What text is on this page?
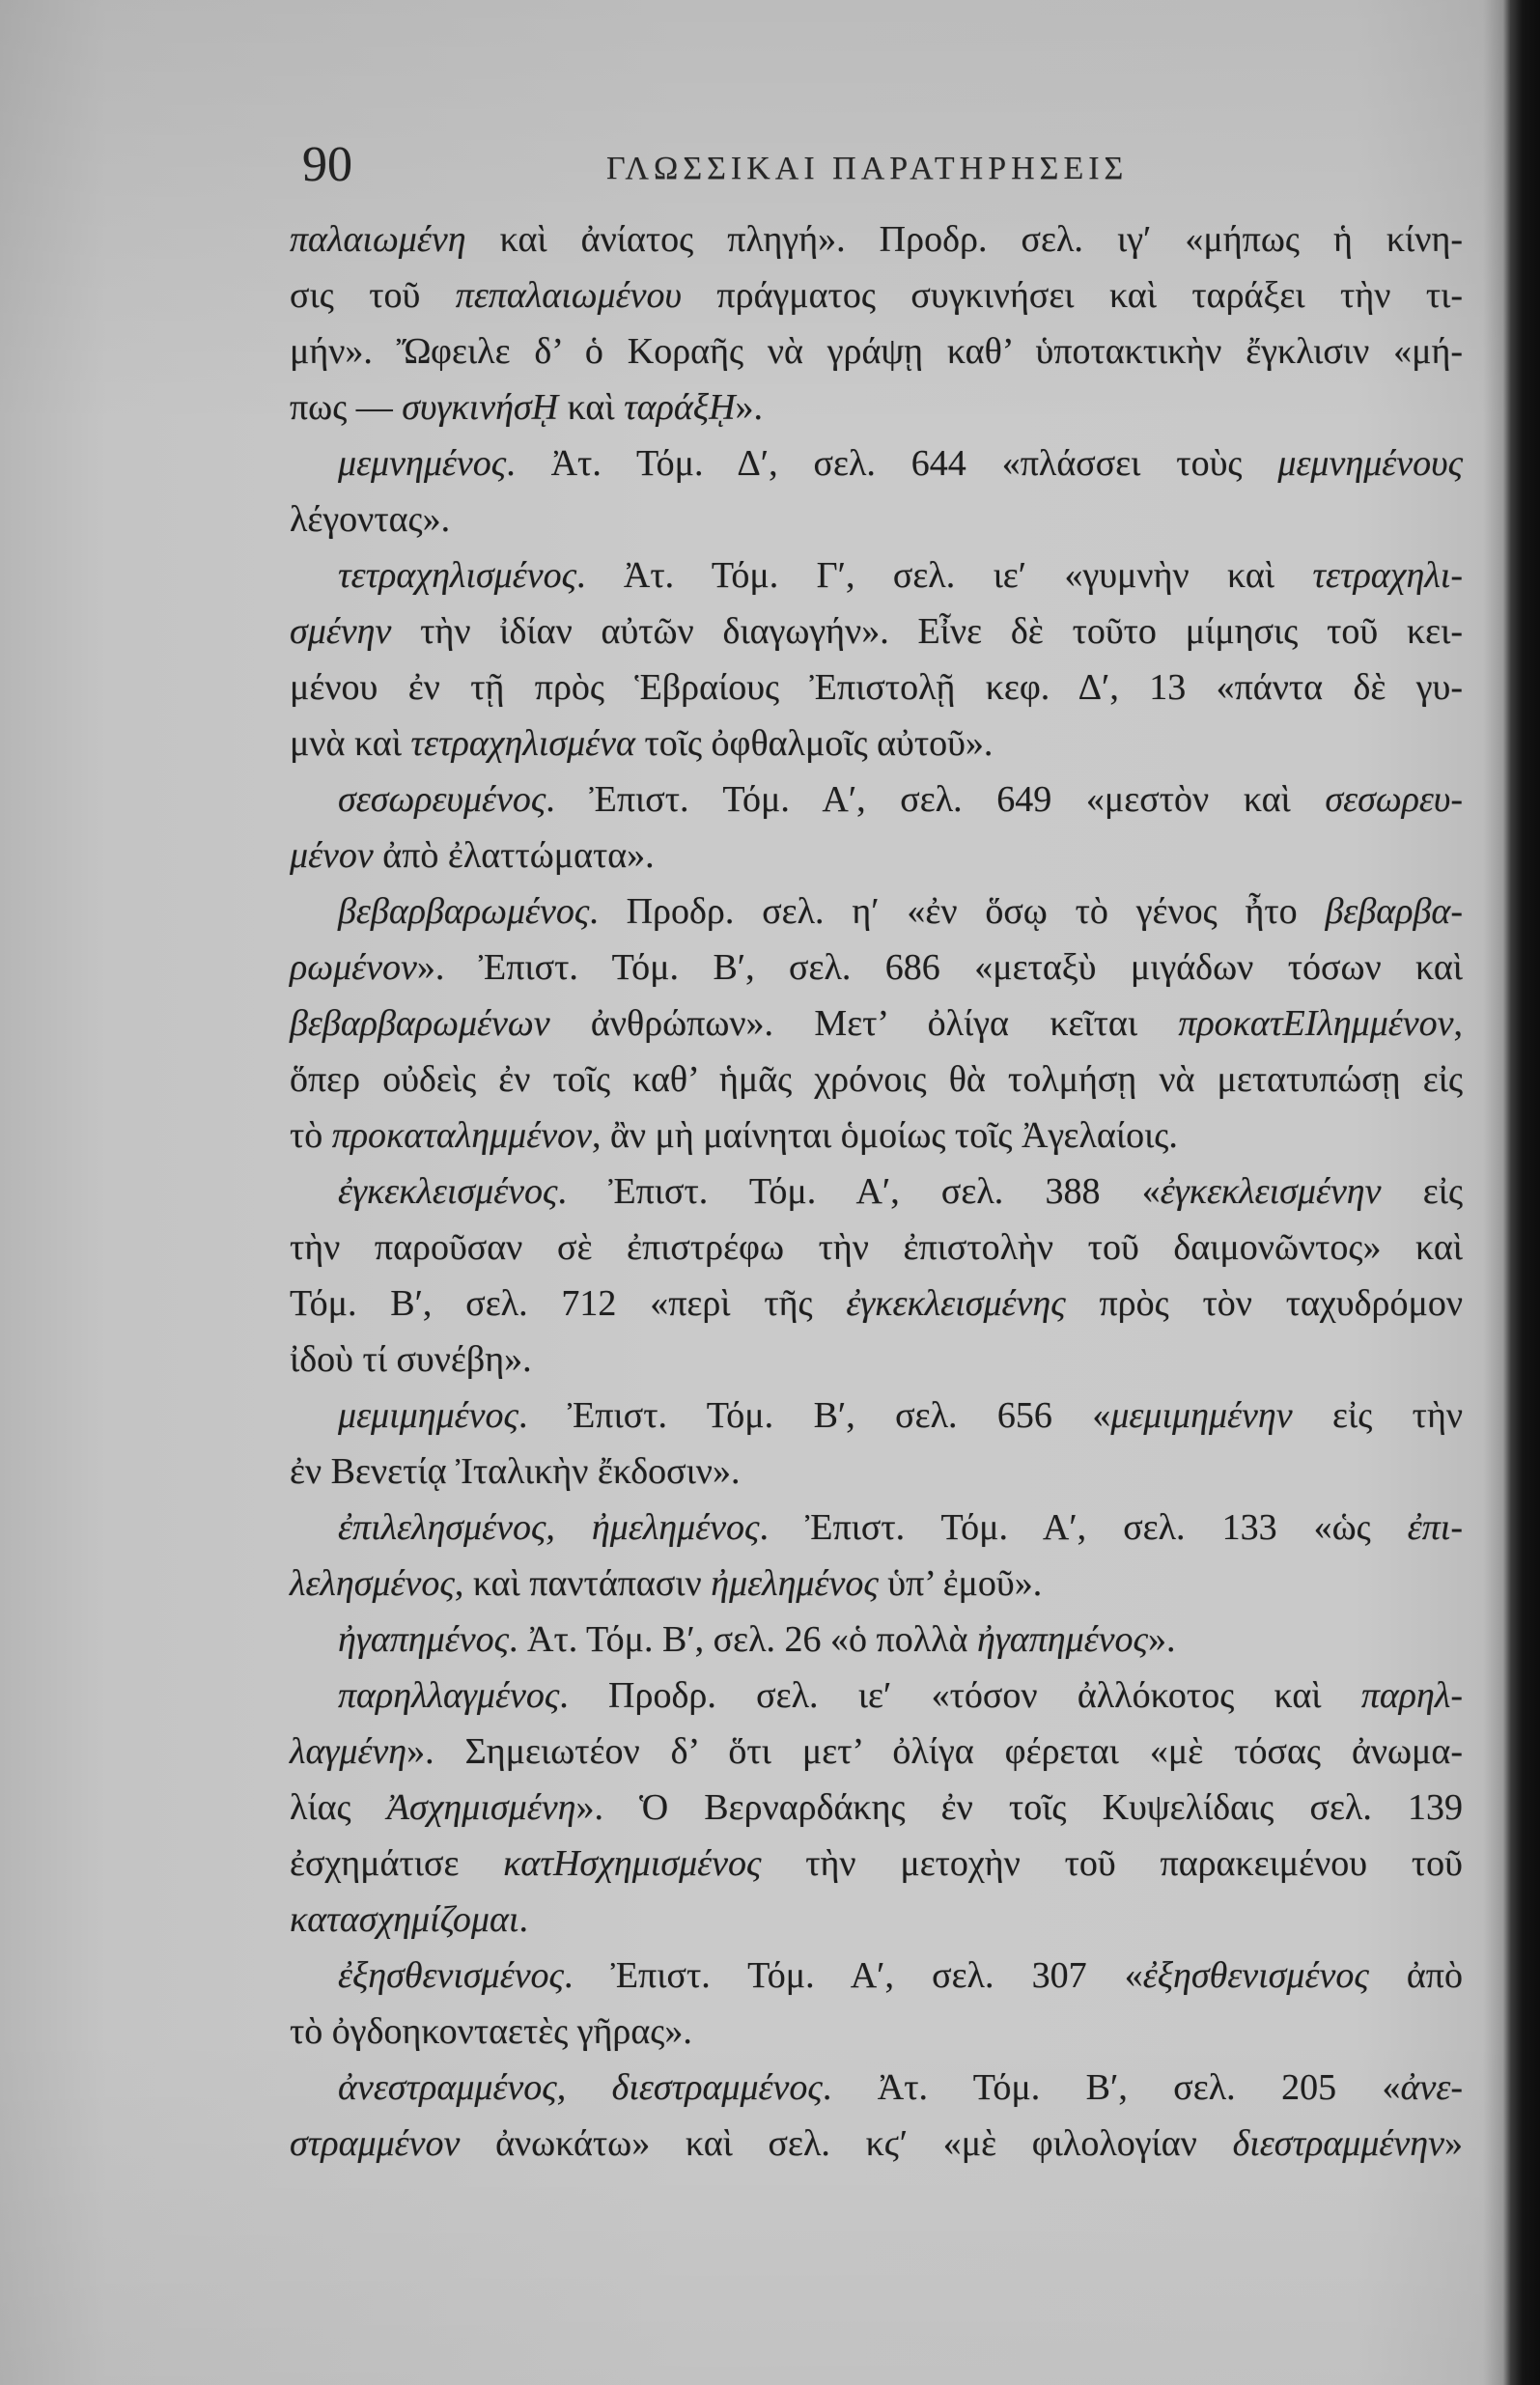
90	ΓΛΩΣΣΙΚΑΙ ΠΑΡΑΤΗΡΗΣΕΙΣ
παλαιωμένη καὶ ἀνίατος πληγή». Προδρ. σελ. ιγʹ «μήπως ἡ κίνη-
σις τοῦ πεπαλαιωμένου πράγματος συγκινήσει καὶ ταράξει τὴν τι-
μήν». Ὤφειλε δ’ ὁ Κοραῆς νὰ γράψῃ καθ’ ὑποτακτικὴν ἔγκλισιν «μή-
πως — συγκινήσῌ καὶ ταράξῌ».
μεμνημένος. Ἀτ. Τόμ. Δʹ, σελ. 644 «πλάσσει τοὺς μεμνημένους
λέγοντας».
τετραχηλισμένος. Ἀτ. Τόμ. Γʹ, σελ. ιεʹ «γυμνὴν καὶ τετραχηλι-
σμένην τὴν ἰδίαν αὐτῶν διαγωγήν». Εἶνε δὲ τοῦτο μίμησις τοῦ κει-
μένου ἐν τῇ πρὸς Ἑβραίους Ἐπιστολῇ κεφ. Δʹ, 13 «πάντα δὲ γυ-
μνὰ καὶ τετραχηλισμένα τοῖς ὀφθαλμοῖς αὐτοῦ».
σεσωρευμένος. Ἐπιστ. Τόμ. Αʹ, σελ. 649 «μεστὸν καὶ σεσωρευ-
μένον ἀπὸ ἐλαττώματα».
βεβαρβαρωμένος. Προδρ. σελ. ηʹ «ἐν ὅσῳ τὸ γένος ἦτο βεβαρβα-
ρωμένον». Ἐπιστ. Τόμ. Βʹ, σελ. 686 «μεταξὺ μιγάδων τόσων καὶ
βεβαρβαρωμένων ἀνθρώπων». Μετ’ ὀλίγα κεῖται προκατΕΙλημμένον,
ὅπερ οὐδεὶς ἐν τοῖς καθ’ ἡμᾶς χρόνοις θὰ τολμήσῃ νὰ μετατυπώσῃ εἰς
τὸ προκαταλημμένον, ἂν μὴ μαίνηται ὁμοίως τοῖς Ἀγελαίοις.
ἐγκεκλεισμένος. Ἐπιστ. Τόμ. Αʹ, σελ. 388 «ἐγκεκλεισμένην εἰς
τὴν παροῦσαν σὲ ἐπιστρέφω τὴν ἐπιστολὴν τοῦ δαιμονῶντος» καὶ
Τόμ. Βʹ, σελ. 712 «περὶ τῆς ἐγκεκλεισμένης πρὸς τὸν ταχυδρόμον
ἰδοὺ τί συνέβη».
μεμιμημένος. Ἐπιστ. Τόμ. Βʹ, σελ. 656 «μεμιμημένην εἰς τὴν
ἐν Βενετίᾳ Ἰταλικὴν ἔκδοσιν».
ἐπιλελησμένος, ἠμελημένος. Ἐπιστ. Τόμ. Αʹ, σελ. 133 «ὡς ἐπι-
λελησμένος, καὶ παντάπασιν ἠμελημένος ὑπ’ ἐμοῦ».
ἠγαπημένος. Ἀτ. Τόμ. Βʹ, σελ. 26 «ὁ πολλὰ ἠγαπημένος».
παρηλλαγμένος. Προδρ. σελ. ιεʹ «τόσον ἀλλόκοτος καὶ παρηλ-
λαγμένη». Σημειωτέον δ’ ὅτι μετ’ ὀλίγα φέρεται «μὲ τόσας ἀνωμα-
λίας Ἀσχημισμένη». Ὁ Βερναρδάκης ἐν τοῖς Κυψελίδαις σελ. 139
ἐσχημάτισε κατΗσχημισμένος τὴν μετοχὴν τοῦ παρακειμένου τοῦ
κατασχημίζομαι.
ἐξησθενισμένος. Ἐπιστ. Τόμ. Αʹ, σελ. 307 «ἐξησθενισμένος ἀπὸ
τὸ ὀγδοηκονταετὲς γῆρας».
ἀνεστραμμένος, διεστραμμένος. Ἀτ. Τόμ. Βʹ, σελ. 205 «ἀνε-
στραμμένον ἀνωκάτω» καὶ σελ. κϛʹ «μὲ φιλολογίαν διεστραμμένην»
